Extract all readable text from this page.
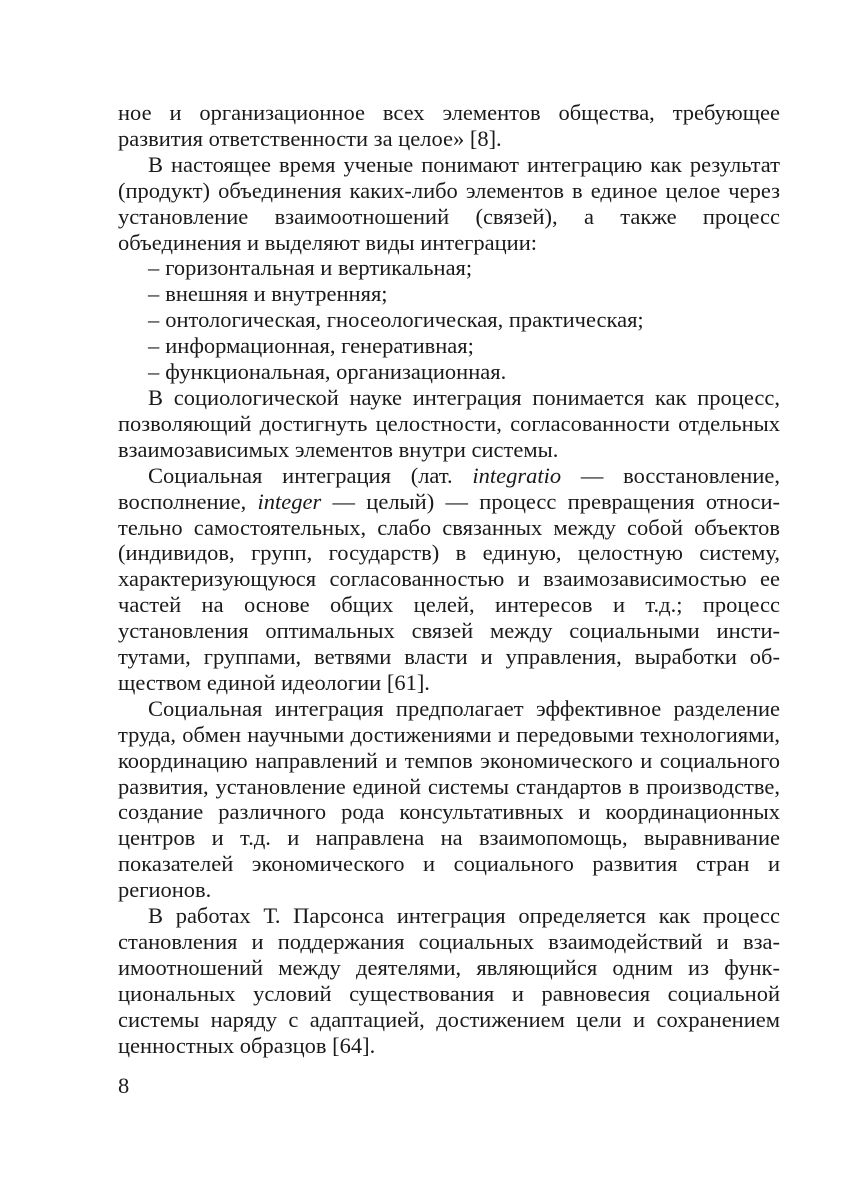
ное и организационное всех элементов общества, требующее развития ответственности за целое» [8].

В настоящее время ученые понимают интеграцию как результат (продукт) объединения каких-либо элементов в единое целое через установление взаимоотношений (связей), а также процесс объединения и выделяют виды интеграции:

– горизонтальная и вертикальная;
– внешняя и внутренняя;
– онтологическая, гносеологическая, практическая;
– информационная, генеративная;
– функциональная, организационная.

В социологической науке интеграция понимается как процесс, позволяющий достигнуть целостности, согласованности отдельных взаимозависимых элементов внутри системы.

Социальная интеграция (лат. integratio — восстановление, восполнение, integer — целый) — процесс превращения относительно самостоятельных, слабо связанных между собой объектов (индивидов, групп, государств) в единую, целостную систему, характеризующуюся согласованностью и взаимозависимостью ее частей на основе общих целей, интересов и т.д.; процесс установления оптимальных связей между социальными институтами, группами, ветвями власти и управления, выработки обществом единой идеологии [61].

Социальная интеграция предполагает эффективное разделение труда, обмен научными достижениями и передовыми технологиями, координацию направлений и темпов экономического и социального развития, установление единой системы стандартов в производстве, создание различного рода консультативных и координационных центров и т.д. и направлена на взаимопомощь, выравнивание показателей экономического и социального развития стран и регионов.

В работах Т. Парсонса интеграция определяется как процесс становления и поддержания социальных взаимодействий и взаимоотношений между деятелями, являющийся одним из функциональных условий существования и равновесия социальной системы наряду с адаптацией, достижением цели и сохранением ценностных образцов [64].

8
